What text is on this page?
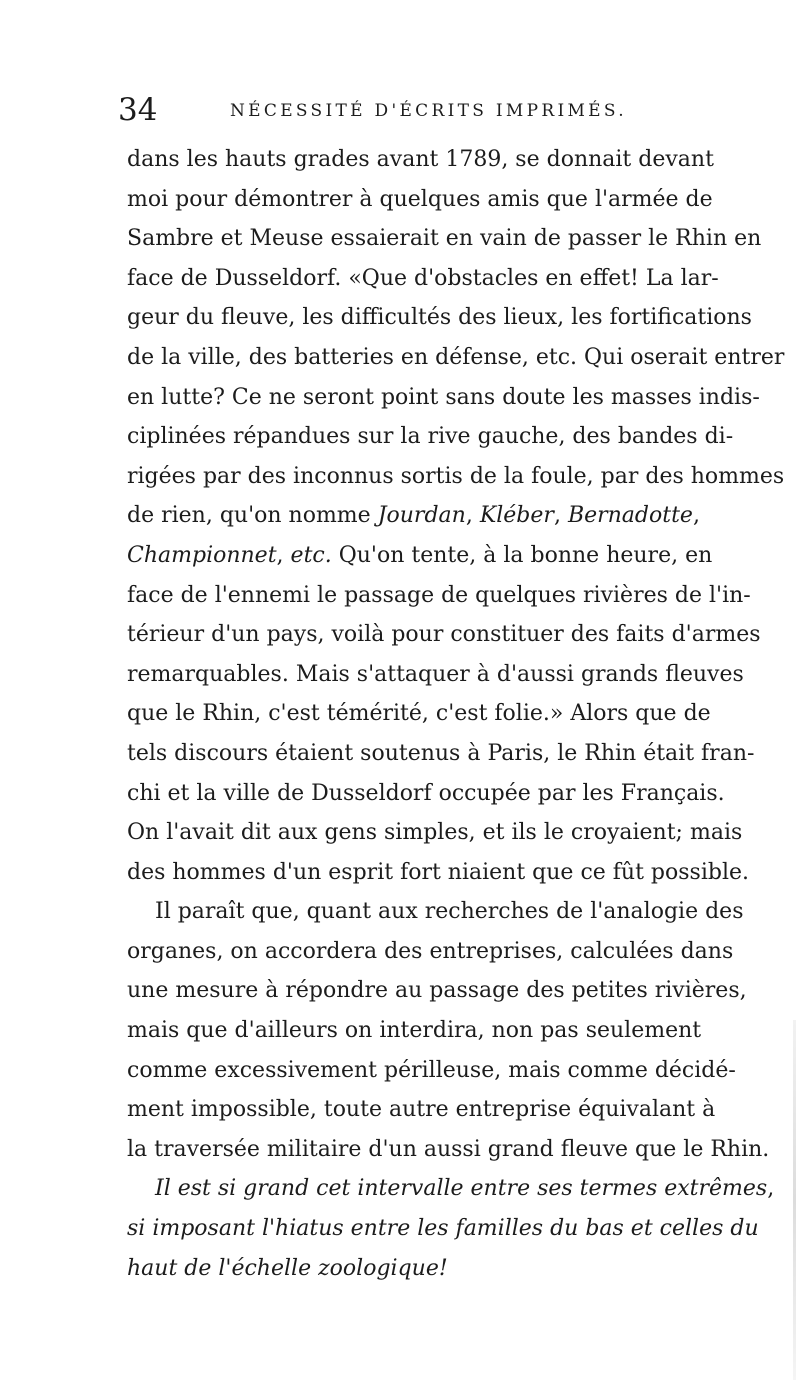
34	NÉCESSITÉ D'ÉCRITS IMPRIMÉS.
dans les hauts grades avant 1789, se donnait devant
moi pour démontrer à quelques amis que l'armée de
Sambre et Meuse essaierait en vain de passer le Rhin en
face de Dusseldorf. «Que d'obstacles en effet! La lar-
geur du fleuve, les difficultés des lieux, les fortifications
de la ville, des batteries en défense, etc. Qui oserait entrer
en lutte? Ce ne seront point sans doute les masses indis-
ciplinées répandues sur la rive gauche, des bandes di-
rigées par des inconnus sortis de la foule, par des hommes
de rien, qu'on nomme Jourdan, Kléber, Bernadotte,
Championnet, etc. Qu'on tente, à la bonne heure, en
face de l'ennemi le passage de quelques rivières de l'in-
térieur d'un pays, voilà pour constituer des faits d'armes
remarquables. Mais s'attaquer à d'aussi grands fleuves
que le Rhin, c'est témérité, c'est folie.» Alors que de
tels discours étaient soutenus à Paris, le Rhin était fran-
chi et la ville de Dusseldorf occupée par les Français.
On l'avait dit aux gens simples, et ils le croyaient; mais
des hommes d'un esprit fort niaient que ce fût possible.
Il paraît que, quant aux recherches de l'analogie des
organes, on accordera des entreprises, calculées dans
une mesure à répondre au passage des petites rivières,
mais que d'ailleurs on interdira, non pas seulement
comme excessivement périlleuse, mais comme décidé-
ment impossible, toute autre entreprise équivalant à
la traversée militaire d'un aussi grand fleuve que le Rhin.
Il est si grand cet intervalle entre ses termes extrêmes,
si imposant l'hiatus entre les familles du bas et celles du
haut de l'échelle zoologique!
